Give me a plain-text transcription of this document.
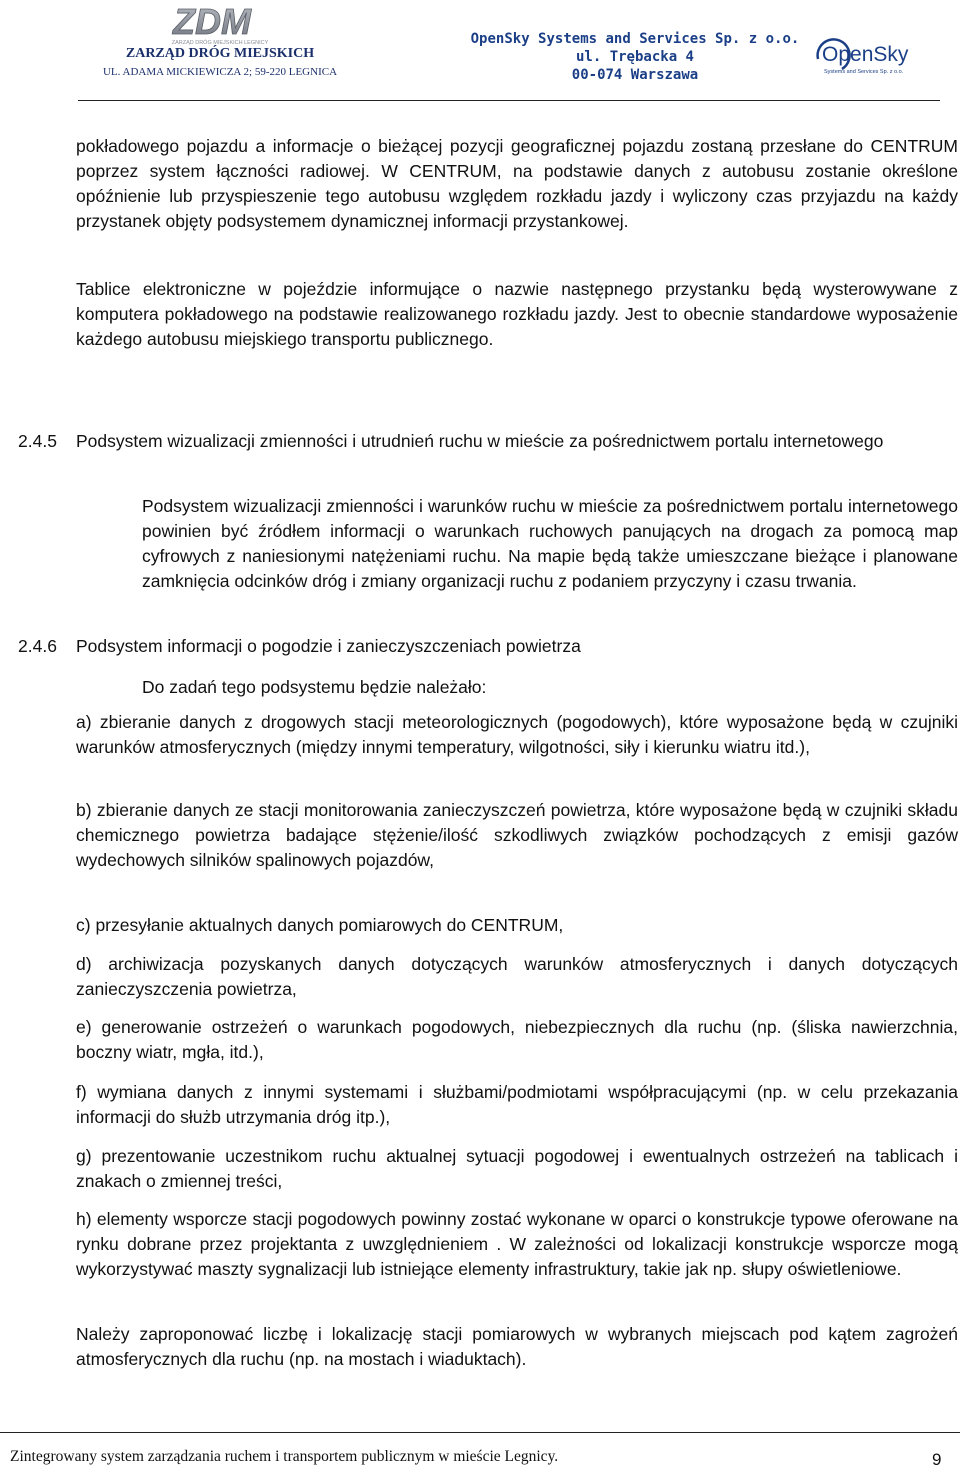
ZDM
ZARZĄD DRÓG MIEJSKICH LEGNICY
ZARZĄD DRÓG MIEJSKICH
UL. ADAMA MICKIEWICZA 2; 59-220 LEGNICA
OpenSky Systems and Services Sp. z o.o.
ul. Trębacka 4
00-074 Warszawa
OpenSky
Systems and Services Sp. z o.o.
pokładowego pojazdu a informacje o bieżącej pozycji geograficznej pojazdu zostaną przesłane do CENTRUM poprzez system łączności radiowej. W CENTRUM, na podstawie danych z autobusu zostanie określone opóźnienie lub przyspieszenie tego autobusu względem rozkładu jazdy i wyliczony czas przyjazdu na każdy przystanek objęty podsystemem dynamicznej informacji przystankowej.
Tablice elektroniczne w pojeździe informujące o nazwie następnego przystanku będą wysterowywane z komputera pokładowego na podstawie realizowanego rozkładu jazdy. Jest to obecnie standardowe wyposażenie każdego autobusu miejskiego transportu publicznego.
2.4.5 Podsystem wizualizacji zmienności i utrudnień ruchu w mieście za pośrednictwem portalu internetowego
Podsystem wizualizacji zmienności i warunków ruchu w mieście za pośrednictwem portalu internetowego powinien być źródłem informacji o warunkach ruchowych panujących na drogach za pomocą map cyfrowych z naniesionymi natężeniami ruchu. Na mapie będą także umieszczane bieżące i planowane zamknięcia odcinków dróg i zmiany organizacji ruchu z podaniem przyczyny i czasu trwania.
2.4.6 Podsystem informacji o pogodzie i zanieczyszczeniach powietrza
Do zadań tego podsystemu będzie należało:
a) zbieranie danych z drogowych stacji meteorologicznych (pogodowych), które wyposażone będą w czujniki warunków atmosferycznych (między innymi temperatury, wilgotności, siły i kierunku wiatru itd.),
b) zbieranie danych ze stacji monitorowania zanieczyszczeń powietrza, które wyposażone będą w czujniki składu chemicznego powietrza badające stężenie/ilość szkodliwych związków pochodzących z emisji gazów wydechowych silników spalinowych pojazdów,
c) przesyłanie aktualnych danych pomiarowych do CENTRUM,
d) archiwizacja pozyskanych danych dotyczących warunków atmosferycznych i danych dotyczących zanieczyszczenia powietrza,
e) generowanie ostrzeżeń o warunkach pogodowych, niebezpiecznych dla ruchu (np. (śliska nawierzchnia, boczny wiatr, mgła, itd.),
f) wymiana danych z innymi systemami i służbami/podmiotami współpracującymi (np. w celu przekazania informacji do służb utrzymania dróg itp.),
g) prezentowanie uczestnikom ruchu aktualnej sytuacji pogodowej i ewentualnych ostrzeżeń na tablicach i znakach o zmiennej treści,
h) elementy wsporcze stacji pogodowych powinny zostać wykonane w oparci o konstrukcje typowe oferowane na rynku dobrane przez projektanta z uwzględnieniem . W zależności od lokalizacji konstrukcje wsporcze mogą wykorzystywać maszty sygnalizacji lub istniejące elementy infrastruktury, takie jak np. słupy oświetleniowe.
Należy zaproponować liczbę i lokalizację stacji pomiarowych w wybranych miejscach pod kątem zagrożeń atmosferycznych dla ruchu (np. na mostach i wiaduktach).
Zintegrowany system zarządzania ruchem i transportem publicznym w mieście Legnicy.	9
